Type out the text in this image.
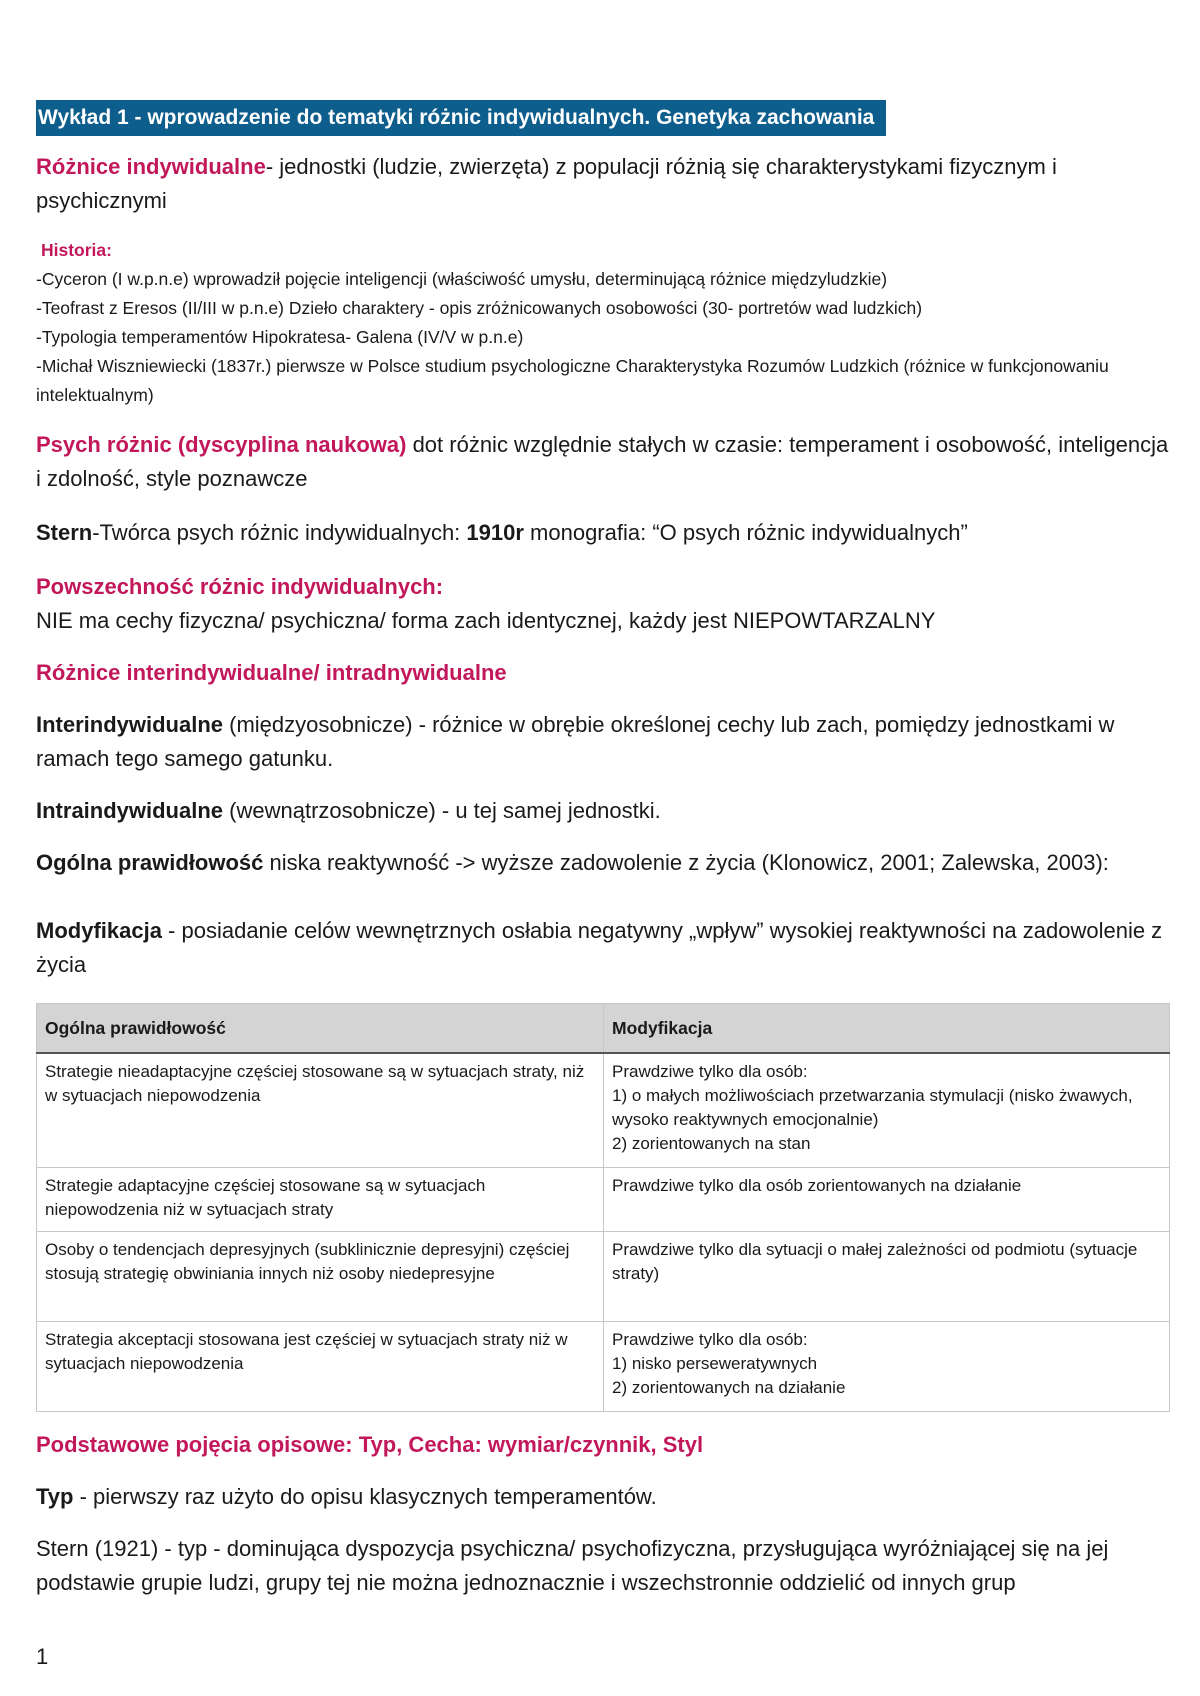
Wykład 1 - wprowadzenie do tematyki różnic indywidualnych. Genetyka zachowania
Różnice indywidualne- jednostki (ludzie, zwierzęta) z populacji różnią się charakterystykami fizycznym i psychicznymi
Historia:
-Cyceron (I w.p.n.e) wprowadził pojęcie inteligencji (właściwość umysłu, determinującą różnice międzyludzkie)
-Teofrast z Eresos (II/III w p.n.e) Dzieło charaktery - opis zróżnicowanych osobowości (30- portretów wad ludzkich)
-Typologia temperamentów Hipokratesa- Galena (IV/V w p.n.e)
-Michał Wiszniewiecki (1837r.) pierwsze w Polsce studium psychologiczne Charakterystyka Rozumów Ludzkich (różnice w funkcjonowaniu intelektualnym)
Psych różnic (dyscyplina naukowa) dot różnic względnie stałych w czasie: temperament i osobowość, inteligencja i zdolność, style poznawcze
Stern-Twórca psych różnic indywidualnych: 1910r monografia: “O psych różnic indywidualnych”
Powszechność różnic indywidualnych:
NIE ma cechy fizyczna/ psychiczna/ forma zach identycznej, każdy jest NIEPOWTARZALNY
Różnice interindywidualne/ intradnywidualne
Interindywidualne (międzyosobnicze) - różnice w obrębie określonej cechy lub zach, pomiędzy jednostkami w ramach tego samego gatunku.
Intraindywidualne (wewnątrzosobnicze) - u tej samej jednostki.
Ogólna prawidłowość niska reaktywność -> wyższe zadowolenie z życia (Klonowicz, 2001; Zalewska, 2003):
Modyfikacja - posiadanie celów wewnętrznych osłabia negatywny „wpływ” wysokiej reaktywności na zadowolenie z życia
Ogólna prawidłowość	Modyfikacja
Strategie nieadaptacyjne częściej stosowane są w sytuacjach straty, niż w sytuacjach niepowodzenia	Prawdziwe tylko dla osób:
1) o małych możliwościach przetwarzania stymulacji (nisko żwawych, wysoko reaktywnych emocjonalnie)
2) zorientowanych na stan
Strategie adaptacyjne częściej stosowane są w sytuacjach niepowodzenia niż w sytuacjach straty	Prawdziwe tylko dla osób zorientowanych na działanie
Osoby o tendencjach depresyjnych (subklinicznie depresyjni) częściej stosują strategię obwiniania innych niż osoby niedepresyjne	Prawdziwe tylko dla sytuacji o małej zależności od podmiotu (sytuacje straty)
Strategia akceptacji stosowana jest częściej w sytuacjach straty niż w sytuacjach niepowodzenia	Prawdziwe tylko dla osób:
1) nisko perseweratywnych
2) zorientowanych na działanie
Podstawowe pojęcia opisowe: Typ, Cecha: wymiar/czynnik, Styl
Typ - pierwszy raz użyto do opisu klasycznych temperamentów.
Stern (1921) - typ - dominująca dyspozycja psychiczna/ psychofizyczna, przysługująca wyróżniającej się na jej podstawie grupie ludzi, grupy tej nie można jednoznacznie i wszechstronnie oddzielić od innych grup
1
